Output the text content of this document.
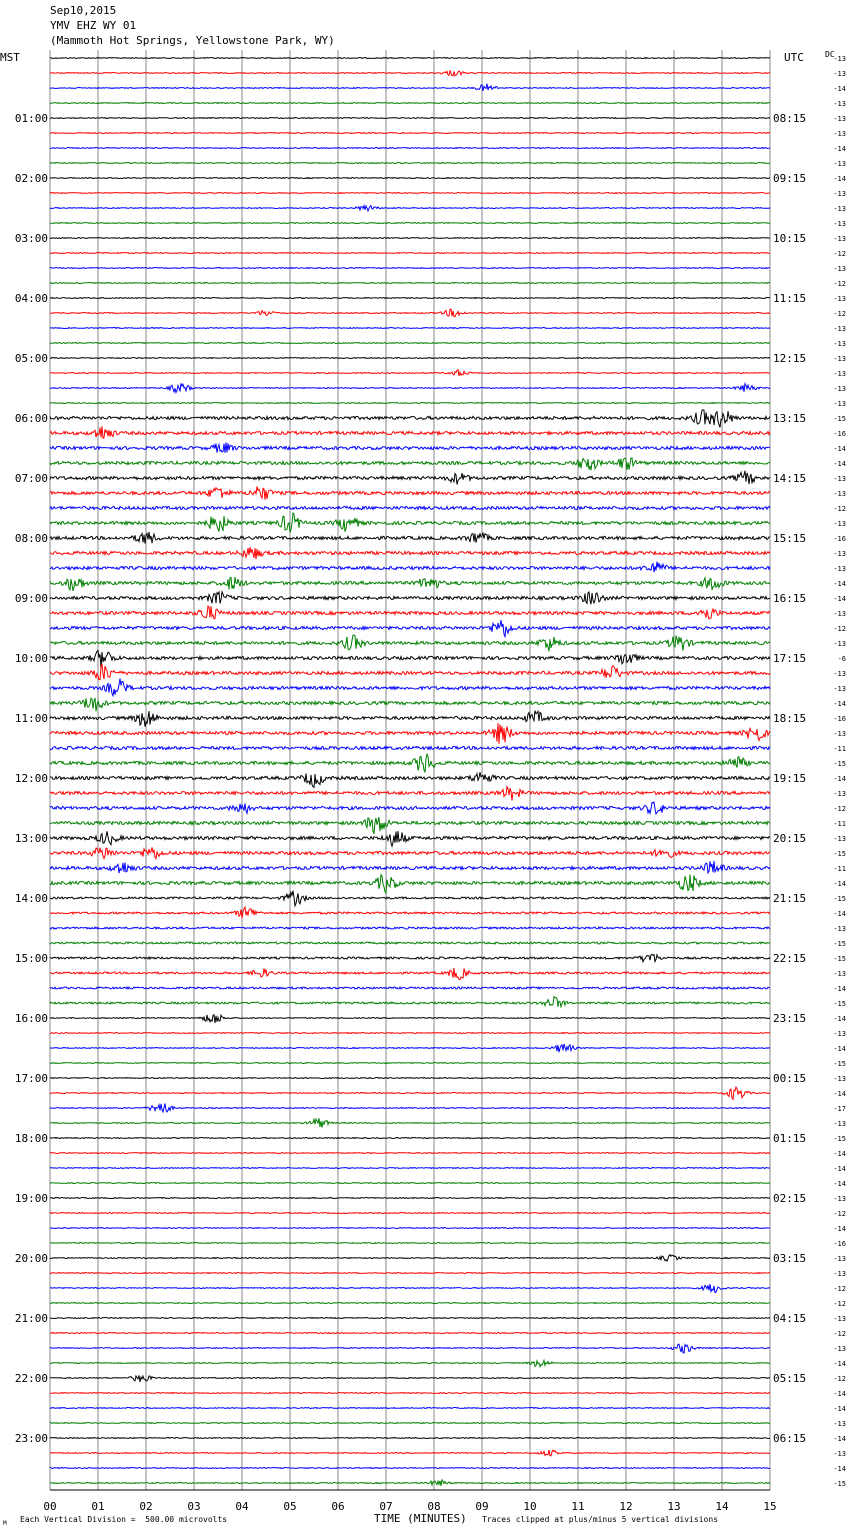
Sep10,2015
YMV EHZ WY 01
(Mammoth Hot Springs, Yellowstone Park, WY)
MST	UTC	DC
01:00
02:00
03:00
04:00
05:00
06:00
07:00
08:00
09:00
10:00
11:00
12:00
13:00
14:00
15:00
16:00
17:00
18:00
19:00
20:00
21:00
22:00
23:00
08:15
09:15
10:15
11:15
12:15
13:15
14:15
15:15
16:15
17:15
18:15
19:15
20:15
21:15
22:15
23:15
00:15
01:15
02:15
03:15
04:15
05:15
06:15
-13
-13
-14
-13
-13
-13
-14
-13
-14
-13
-13
-13
-13
-12
-13
-12
-13
-12
-13
-13
-13
-13
-13
-13
-15
-16
-14
-14
-13
-13
-12
-13
-16
-13
-13
-14
-14
-13
-12
-13
-6
-13
-13
-14
-16
-13
-11
-15
-14
-13
-12
-11
-13
-15
-11
-14
-15
-14
-13
-15
-15
-13
-14
-15
-14
-13
-14
-15
-13
-14
-17
-13
-15
-14
-14
-14
-13
-12
-14
-16
-13
-13
-12
-12
-13
-12
-13
-14
-12
-14
-14
-13
-14
-13
-14
-15
00	01	02	03	04	05	06	07	08	09	10	11	12	13	14	15
M Each Vertical Division =  500.00 microvolts	TIME (MINUTES) Traces clipped at plus/minus 5 vertical divisions
